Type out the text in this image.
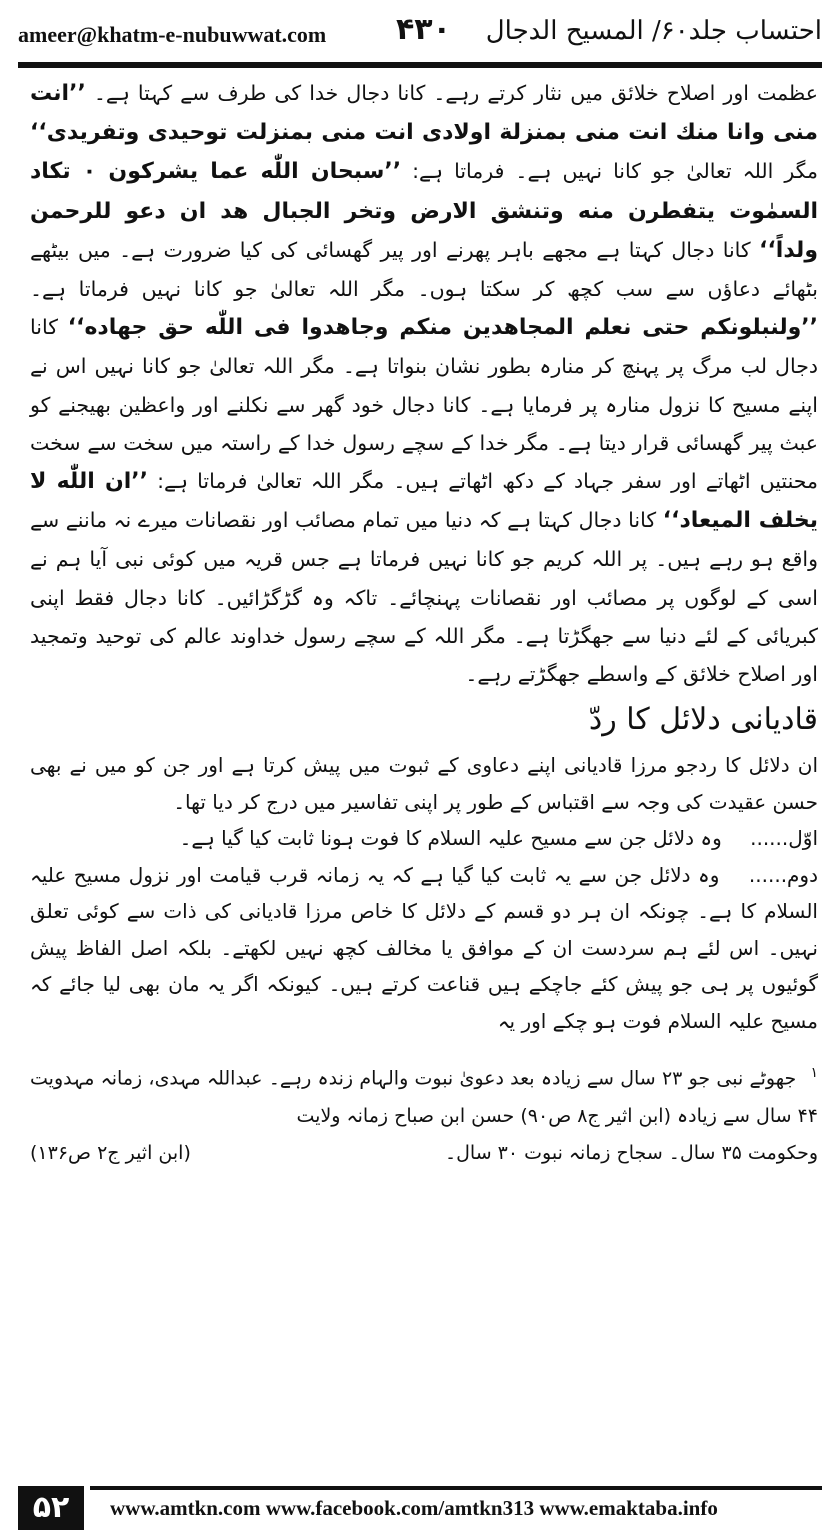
ameer@khatm-e-nubuwwat.com ۴۳۰ احتساب جلد۶۰/ المسیح الدجال

عظمت اور اصلاح خلائق میں نثار کرتے رہے۔ کانا دجال خدا کی طرف سے کہتا ہے۔ ’’انت منی وانا منك انت منی بمنزلة اولادی انت منی بمنزلت توحیدی وتفریدی‘‘ مگر اللہ تعالیٰ جو کانا نہیں ہے۔ فرماتا ہے: ’’سبحان اللّٰه عما یشرکون ۰ تکاد السمٰوت یتفطرن منه وتنشق الارض وتخر الجبال هد ان دعو للرحمن ولداً‘‘ کانا دجال کہتا ہے مجھے باہر پھرنے اور پیر گھسائی کی کیا ضرورت ہے۔ میں بیٹھے بٹھائے دعاؤں سے سب کچھ کر سکتا ہوں۔ مگر اللہ تعالیٰ جو کانا نہیں فرماتا ہے۔ ’’ولنبلونکم حتی نعلم المجاهدین منکم وجاهدوا فی اللّٰه حق جهاده‘‘ کانا دجال لب مرگ پر پہنچ کر منارہ بطور نشان بنواتا ہے۔ مگر اللہ تعالیٰ جو کانا نہیں اس نے اپنے مسیح کا نزول منارہ پر فرمایا ہے۔ کانا دجال خود گھر سے نکلنے اور واعظین بھیجنے کو عبث پیر گھسائی قرار دیتا ہے۔ مگر خدا کے سچے رسول خدا کے راستہ میں سخت سے سخت محنتیں اٹھاتے اور سفر جہاد کے دکھ اٹھاتے ہیں۔ مگر اللہ تعالیٰ فرماتا ہے: ’’ان اللّٰه لا یخلف المیعاد‘‘ کانا دجال کہتا ہے کہ دنیا میں تمام مصائب اور نقصانات میرے نہ ماننے سے واقع ہو رہے ہیں۔ پر اللہ کریم جو کانا نہیں فرماتا ہے جس قریہ میں کوئی نبی آیا ہم نے اسی کے لوگوں پر مصائب اور نقصانات پہنچائے۔ تاکہ وہ گڑگڑائیں۔ کانا دجال فقط اپنی کبریائی کے لئے دنیا سے جھگڑتا ہے۔ مگر اللہ کے سچے رسول خداوند عالم کی توحید وتمجید اور اصلاح خلائق کے واسطے جھگڑتے رہے۔

قادیانی دلائل کا ردّ

ان دلائل کا ردجو مرزا قادیانی اپنے دعاوی کے ثبوت میں پیش کرتا ہے اور جن کو میں نے بھی حسن عقیدت کی وجہ سے اقتباس کے طور پر اپنی تفاسیر میں درج کر دیا تھا۔

اوّل...... وہ دلائل جن سے مسیح علیہ السلام کا فوت ہونا ثابت کیا گیا ہے۔

دوم...... وہ دلائل جن سے یہ ثابت کیا گیا ہے کہ یہ زمانہ قرب قیامت اور نزول مسیح علیہ السلام کا ہے۔ چونکہ ان ہر دو قسم کے دلائل کا خاص مرزا قادیانی کی ذات سے کوئی تعلق نہیں۔ اس لئے ہم سردست ان کے موافق یا مخالف کچھ نہیں لکھتے۔ بلکہ اصل الفاظ پیش گوئیوں پر ہی جو پیش کئے جاچکے ہیں قناعت کرتے ہیں۔ کیونکہ اگر یہ مان بھی لیا جائے کہ مسیح علیہ السلام فوت ہو چکے اور یہ

$^۱$ جھوٹے نبی جو ۲۳ سال سے زیادہ بعد دعویٰ نبوت والہام زندہ رہے۔ عبداللہ مہدی، زمانہ مہدویت ۴۴ سال سے زیادہ (ابن اثیر ج۸ ص۹۰) حسن ابن صباح زمانہ ولایت

وحکومت ۳۵ سال۔ سجاح زمانہ نبوت ۳۰ سال۔
(ابن اثیر ج۲ ص۱۳۶)

۵۲	www.amtkn.com www.facebook.com/amtkn313 www.emaktaba.info
